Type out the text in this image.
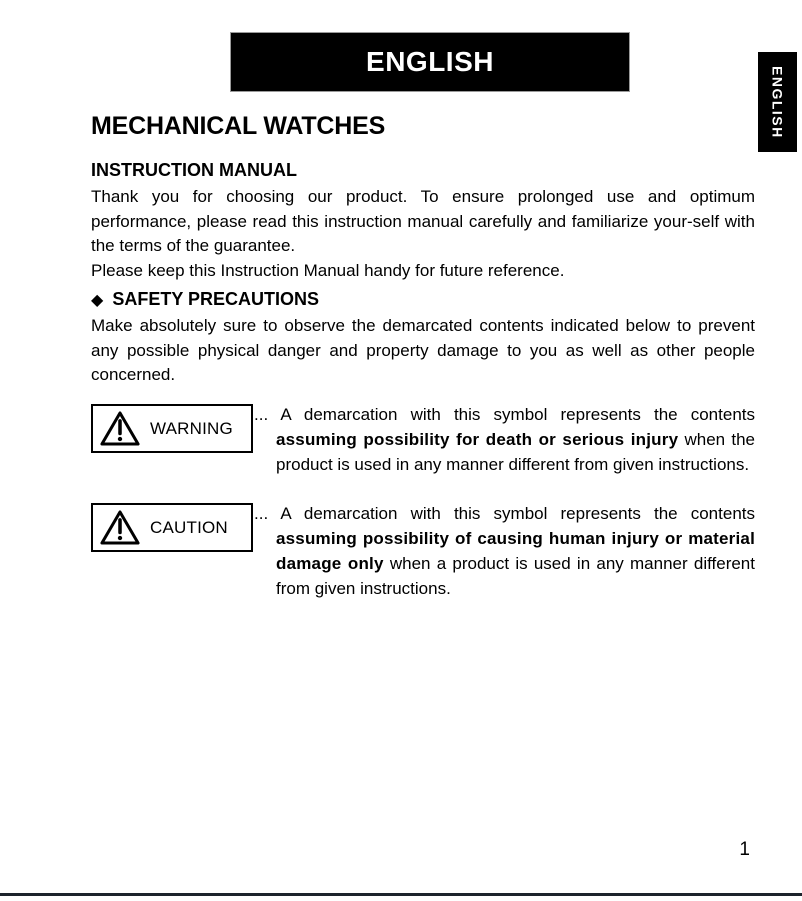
ENGLISH
ENGLISH
MECHANICAL WATCHES
INSTRUCTION MANUAL

Thank you for choosing our product. To ensure prolonged use and optimum performance, please read this instruction manual carefully and familiarize your-self with the terms of the guarantee.

Please keep this Instruction Manual handy for future reference.

◆ SAFETY PRECAUTIONS

Make absolutely sure to observe the demarcated contents indicated below to prevent any possible physical danger and property damage to you as well as other people concerned.

WARNING

... A demarcation with this symbol represents the contents assuming possibility for death or serious injury when the product is used in any manner different from given instructions.

CAUTION

... A demarcation with this symbol represents the contents assuming possibility of causing human injury or material damage only when a product is used in any manner different from given instructions.

1
